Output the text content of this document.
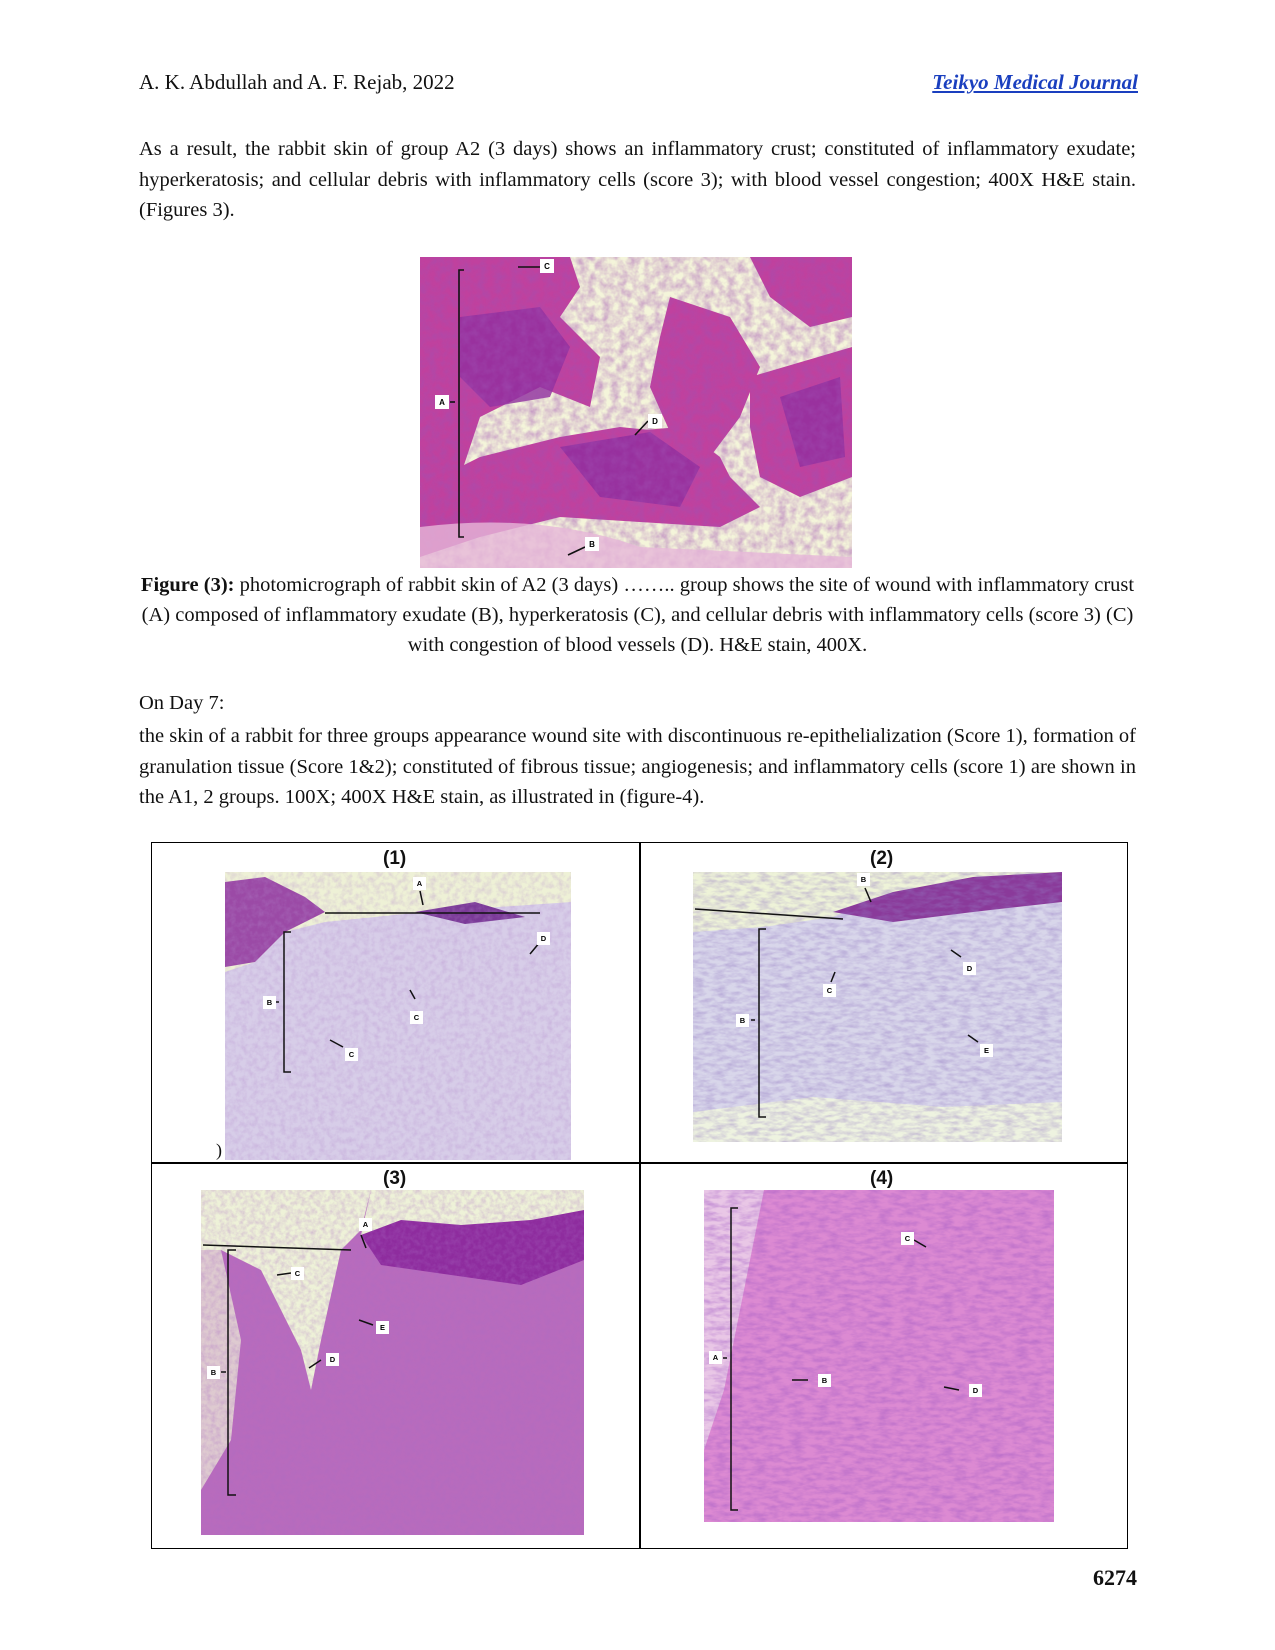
A. K. Abdullah and A. F. Rejab, 2022	Teikyo Medical Journal
As a result, the rabbit skin of group A2 (3 days) shows an inflammatory crust; constituted of inflammatory exudate; hyperkeratosis; and cellular debris with inflammatory cells (score 3); with blood vessel congestion; 400X H&E stain. (Figures 3).
C
A
D
B
Figure (3): photomicrograph of rabbit skin of A2 (3 days) …….. group shows the site of wound with inflammatory crust (A) composed of inflammatory exudate (B), hyperkeratosis (C), and cellular debris with inflammatory cells (score 3) (C) with congestion of blood vessels (D). H&E stain, 400X.
On Day 7:
the skin of a rabbit for three groups appearance wound site with discontinuous re-epithelialization (Score 1), formation of granulation tissue (Score 1&2); constituted of fibrous tissue; angiogenesis; and inflammatory cells (score 1) are shown in the A1, 2 groups. 100X; 400X H&E stain, as illustrated in (figure-4).
(1)	(2)
(3)	(4)
)
A
B
C
C
D
B
B
C
D
E
A
B
C
D
E
A
B
C
D
6274
